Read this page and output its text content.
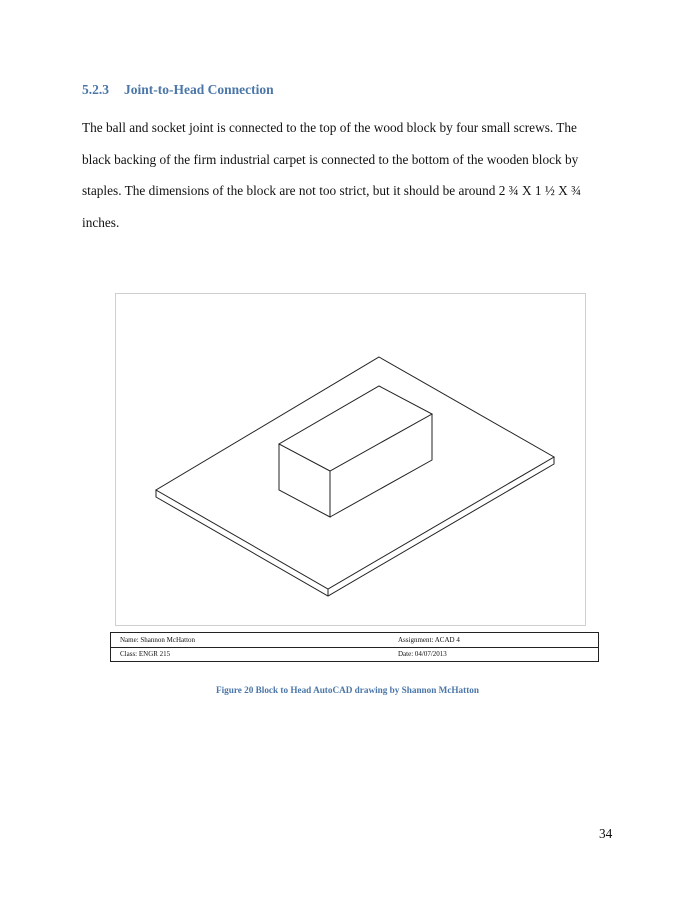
5.2.3 Joint-to-Head Connection

The ball and socket joint is connected to the top of the wood block by four small screws. The black backing of the firm industrial carpet is connected to the bottom of the wooden block by staples. The dimensions of the block are not too strict, but it should be around 2 ¾ X 1 ½ X ¾ inches.

Name: Shannon McHatton	Assignment: ACAD 4
Class: ENGR 215	Date: 04/07/2013
Figure 20 Block to Head AutoCAD drawing by Shannon McHatton
34
